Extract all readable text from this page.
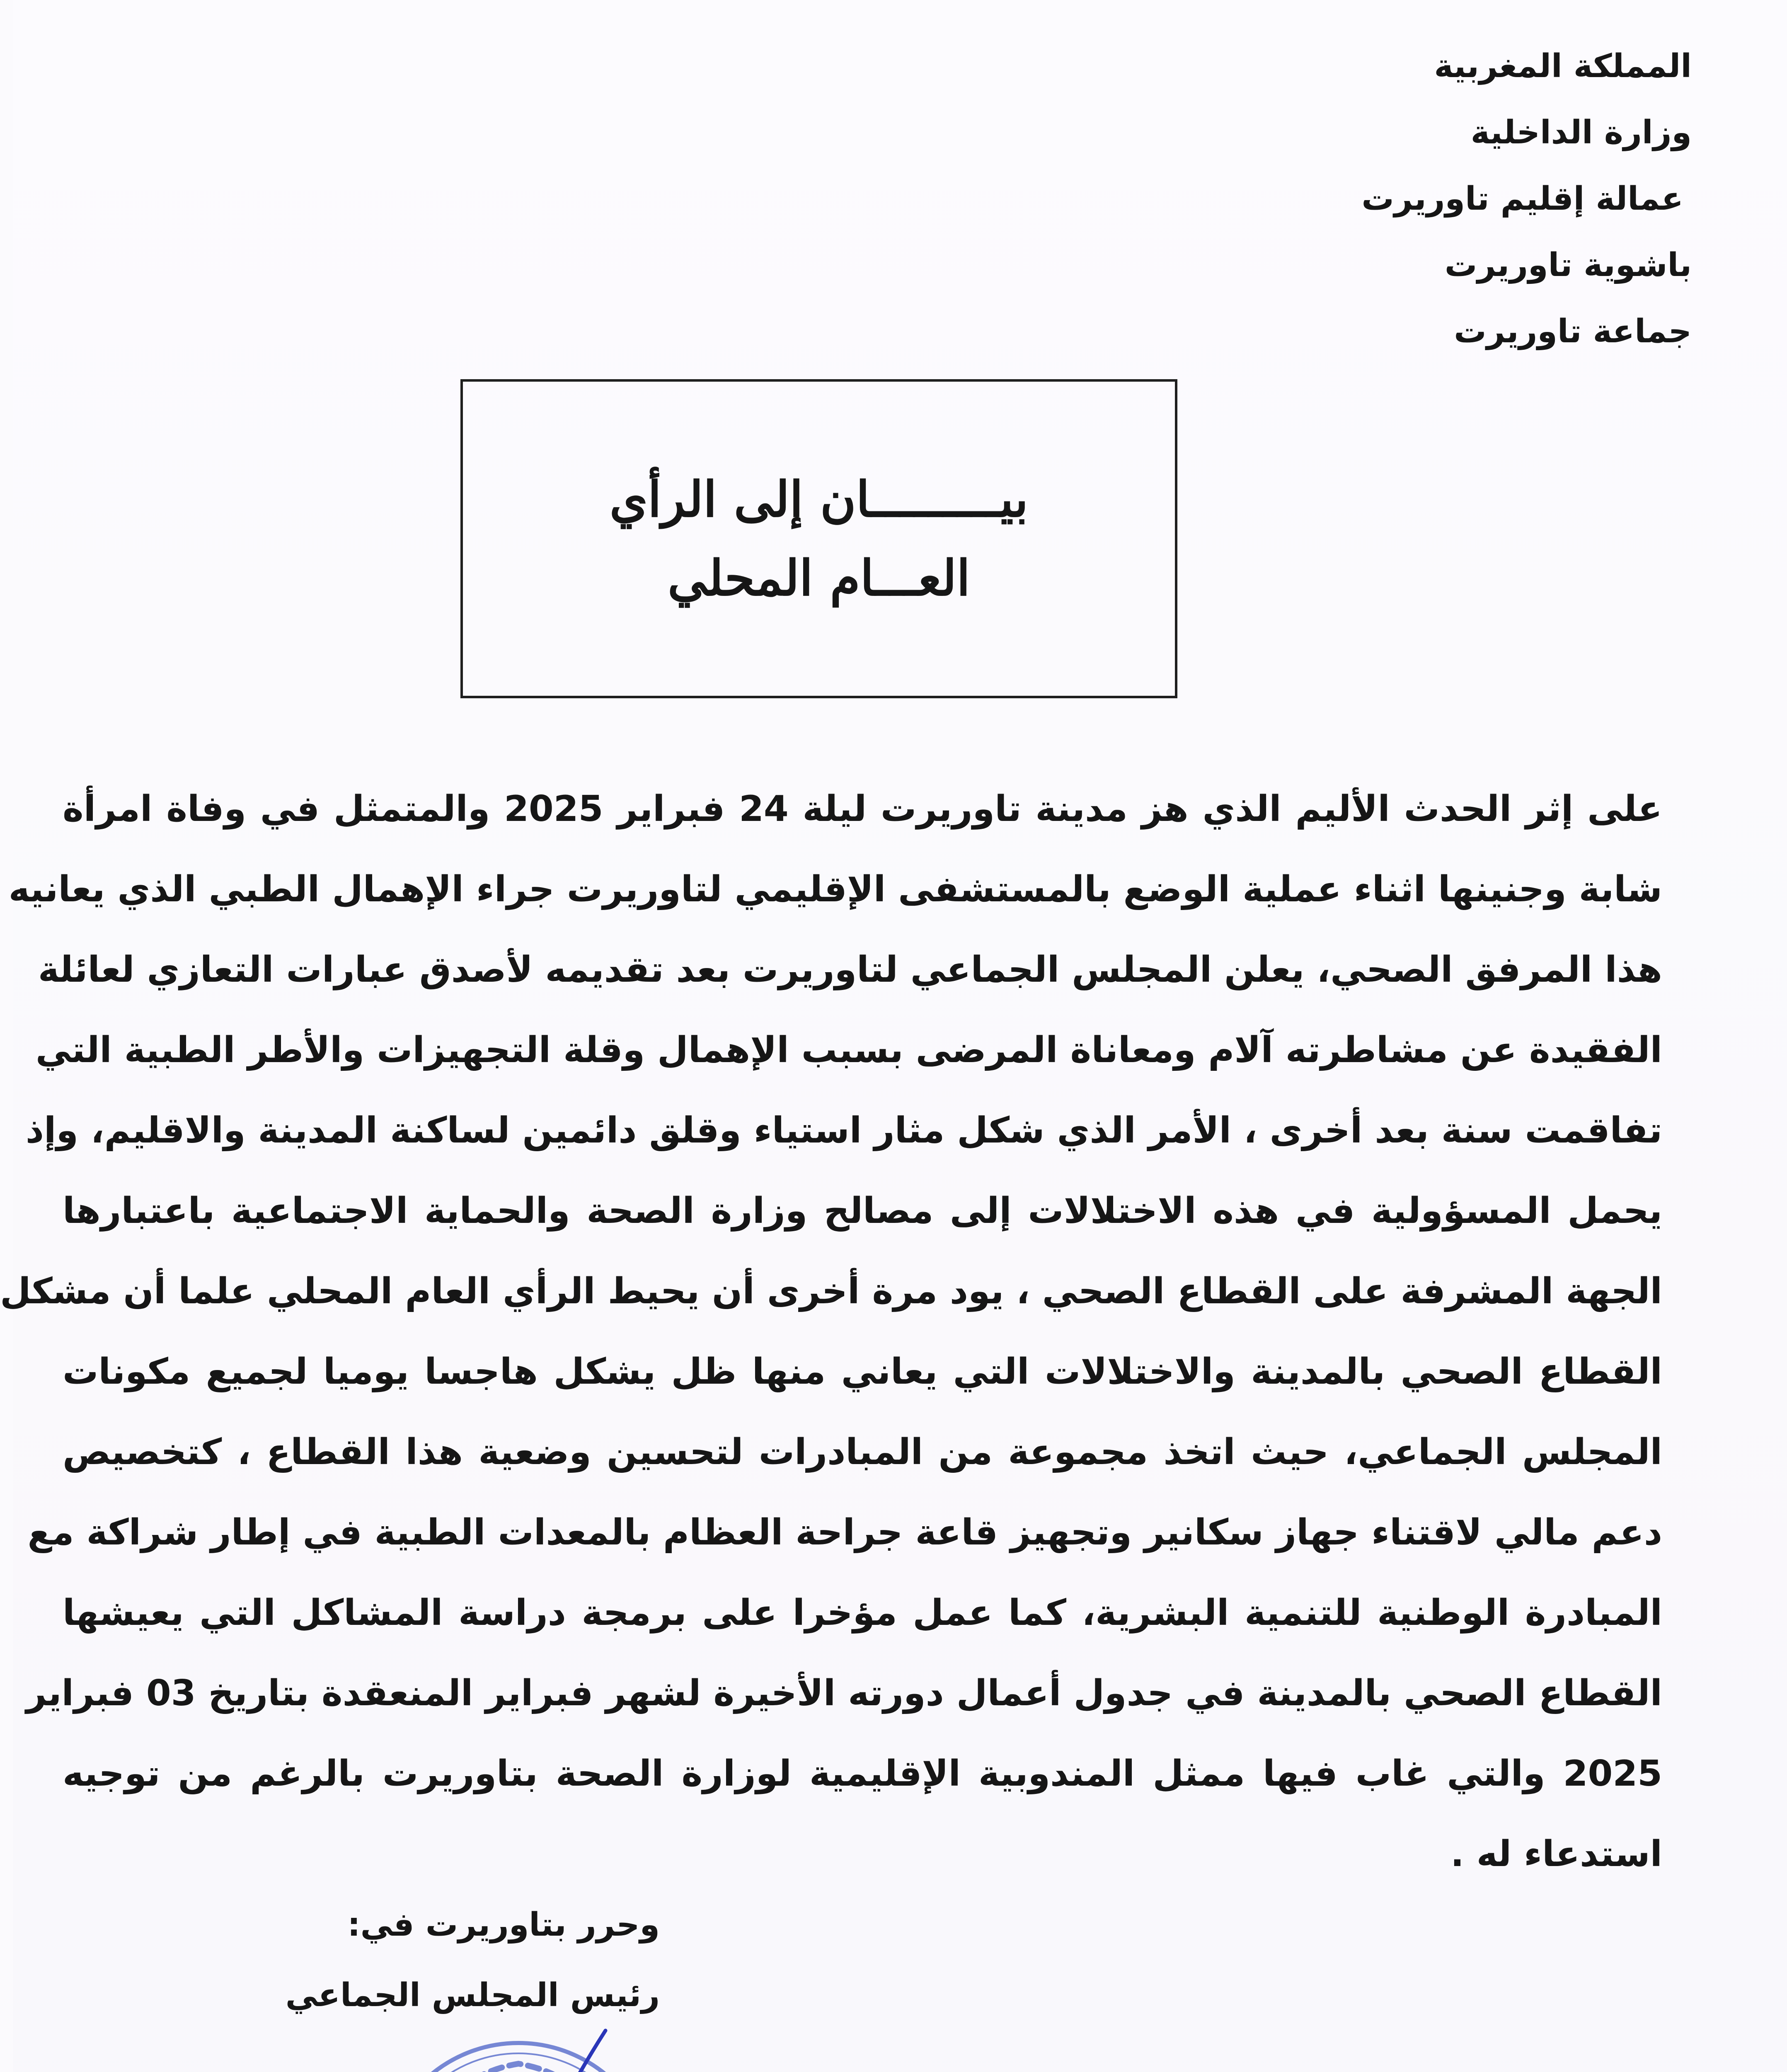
المملكة المغربية
وزارة الداخلية
عمالة إقليم تاوريرت
باشوية تاوريرت
جماعة تاوريرت
بيـــــــــان إلى الرأي
العـــام المحلي
على إثر الحدث الأليم الذي هز مدينة تاوريرت ليلة 24 فبراير 2025 والمتمثل في وفاة امرأة
شابة وجنينها اثناء عملية الوضع بالمستشفى الإقليمي لتاوريرت جراء الإهمال الطبي الذي يعانيه
هذا المرفق الصحي، يعلن المجلس الجماعي لتاوريرت بعد تقديمه لأصدق عبارات التعازي لعائلة
الفقيدة عن مشاطرته آلام ومعاناة المرضى بسبب الإهمال وقلة التجهيزات والأطر الطبية التي
تفاقمت سنة بعد أخرى ، الأمر الذي شكل مثار استياء وقلق دائمين لساكنة المدينة والاقليم، وإذ
يحمل المسؤولية في هذه الاختلالات إلى مصالح وزارة الصحة والحماية الاجتماعية باعتبارها
الجهة المشرفة على القطاع الصحي ، يود مرة أخرى أن يحيط الرأي العام المحلي علما أن مشكل
القطاع الصحي بالمدينة والاختلالات التي يعاني منها ظل يشكل هاجسا يوميا لجميع مكونات
المجلس الجماعي، حيث اتخذ مجموعة من المبادرات لتحسين وضعية هذا القطاع ، كتخصيص
دعم مالي لاقتناء جهاز سكانير وتجهيز قاعة جراحة العظام بالمعدات الطبية في إطار شراكة مع
المبادرة الوطنية للتنمية البشرية، كما عمل مؤخرا على برمجة دراسة المشاكل التي يعيشها
القطاع الصحي بالمدينة في جدول أعمال دورته الأخيرة لشهر فبراير المنعقدة بتاريخ 03 فبراير
2025 والتي غاب فيها ممثل المندوبية الإقليمية لوزارة الصحة بتاوريرت بالرغم من توجيه
استدعاء له .
وحرر بتاوريرت في:
رئيس المجلس الجماعي
